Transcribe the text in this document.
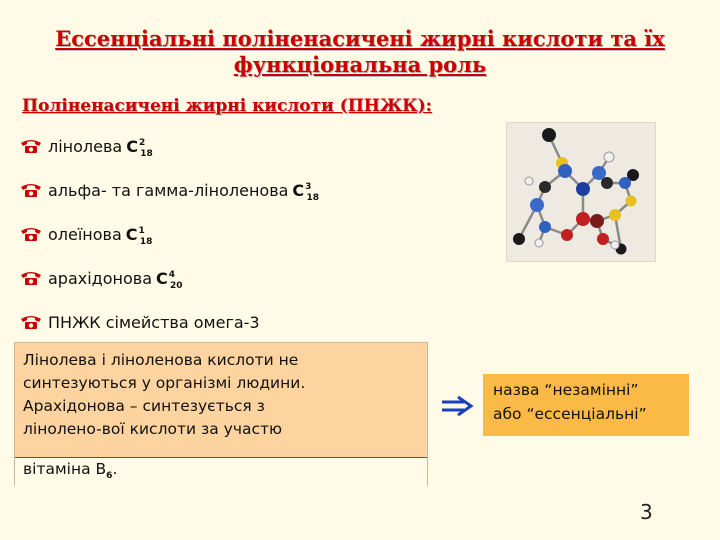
Ессенціальні поліненасичені жирні кислоти та їх
функціональна роль
Поліненасичені жирні кислоти (ПНЖК):
лінолева $С^2$
$_{18}$
альфа- та гамма-ліноленова $С^3$
$_{18}$
олеїнова $С^1$
$_{18}$
арахідонова $С^4$
$_{20}$
ПНЖК сімейства омега-3
Лінолева і ліноленова кислоти не
синтезуються у організмі людини.
Арахідонова – синтезується з
ліноленo-вої кислоти за участю
вітаміна $В_6$.
назва “незамінні”
або “ессенціальні”
3
